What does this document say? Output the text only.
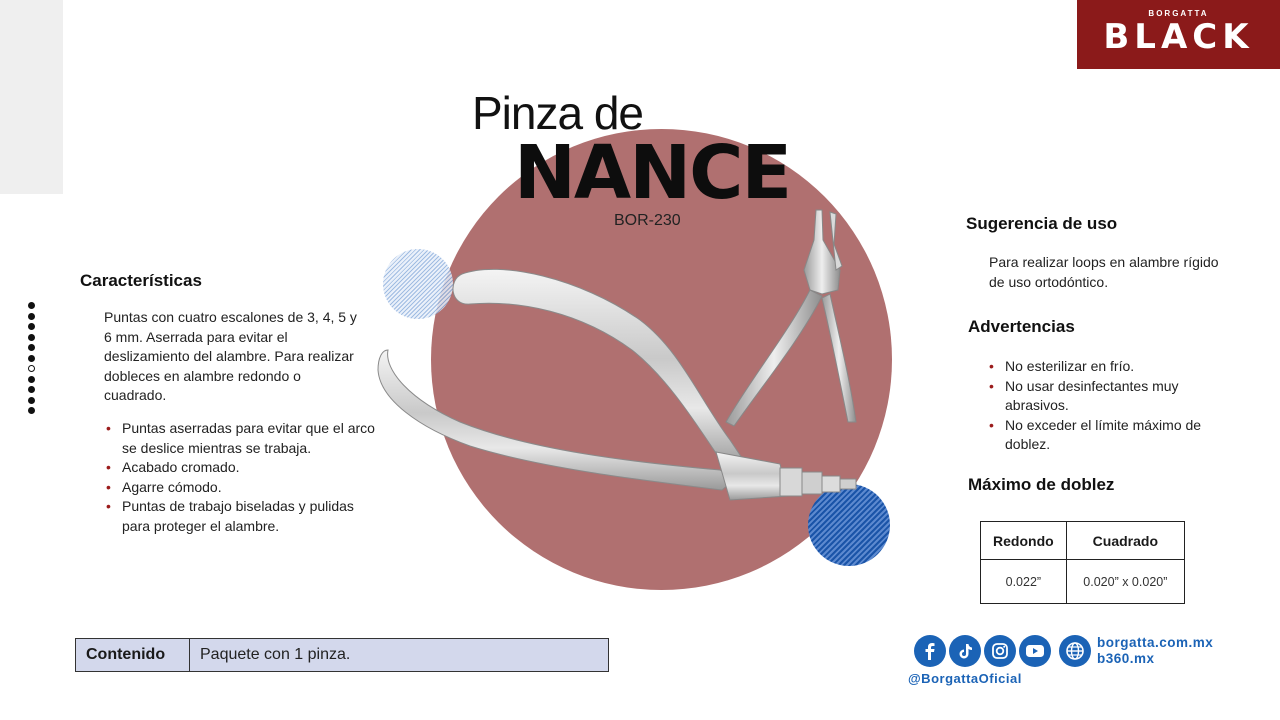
BORGATTA
BLACK
Pinza de
NANCE
BOR-230
Características
Puntas con cuatro escalones de 3, 4, 5 y 6 mm. Aserrada para evitar el deslizamiento del alambre. Para realizar dobleces en alambre redondo o cuadrado.
• Puntas aserradas para evitar que el arco se deslice mientras se trabaja.
• Acabado cromado.
• Agarre cómodo.
• Puntas de trabajo biseladas y pulidas para proteger el alambre.
Sugerencia de uso
Para realizar loops en alambre rígido de uso ortodóntico.
Advertencias
• No esterilizar en frío.
• No usar desinfectantes muy abrasivos.
• No exceder el límite máximo de doblez.
Máximo de doblez
Redondo	Cuadrado
0.022”	0.020” x 0.020”
Contenido	Paquete con 1 pinza.
borgatta.com.mx
b360.mx
@BorgattaOficial
